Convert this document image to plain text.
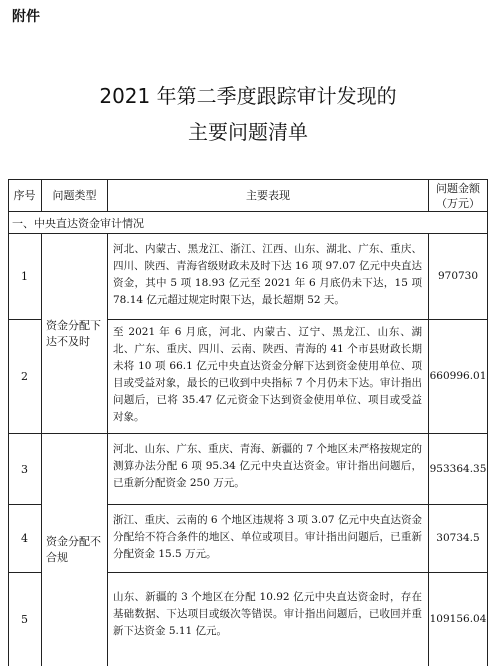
附件
2021 年第二季度跟踪审计发现的
主要问题清单
序号	问题类型	主要表现
问题金额（万元）
一、中央直达资金审计情况
资金分配下达不及时
资金分配不合规
1
河北、内蒙古、黑龙江、浙江、江西、山东、湖北、广东、重庆、四川、陕西、青海省级财政未及时下达 16 项 97.07 亿元中央直达资金，其中 5 项 18.93 亿元至 2021 年 6 月底仍未下达，15 项 78.14 亿元超过规定时限下达，最长超期 52 天。
970730
2
至 2021 年 6 月底，河北、内蒙古、辽宁、黑龙江、山东、湖北、广东、重庆、四川、云南、陕西、青海的 41 个市县财政长期未将 10 项 66.1 亿元中央直达资金分解下达到资金使用单位、项目或受益对象，最长的已收到中央指标 7 个月仍未下达。审计指出问题后，已将 35.47 亿元资金下达到资金使用单位、项目或受益对象。
660996.01
3
河北、山东、广东、重庆、青海、新疆的 7 个地区未严格按规定的测算办法分配 6 项 95.34 亿元中央直达资金。审计指出问题后，已重新分配资金 250 万元。
953364.35
4
浙江、重庆、云南的 6 个地区违规将 3 项 3.07 亿元中央直达资金分配给不符合条件的地区、单位或项目。审计指出问题后，已重新分配资金 15.5 万元。
30734.5
5
山东、新疆的 3 个地区在分配 10.92 亿元中央直达资金时，存在基础数据、下达项目或级次等错误。审计指出问题后，已收回并重新下达资金 5.11 亿元。
109156.04
